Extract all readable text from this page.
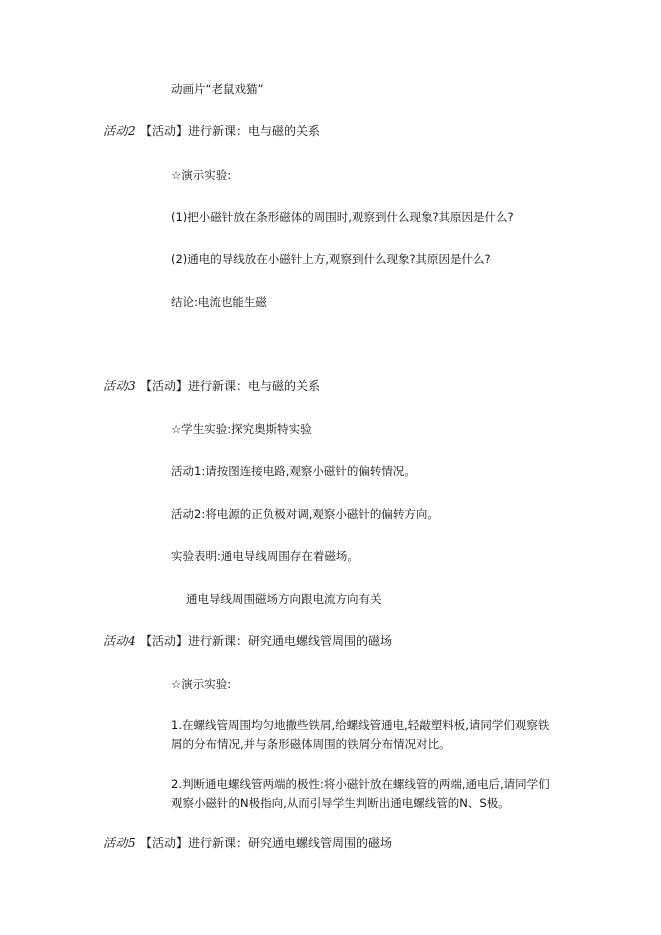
动画片“老鼠戏猫”
活动2 【活动】进行新课：电与磁的关系
☆演示实验:
(1)把小磁针放在条形磁体的周围时,观察到什么现象?其原因是什么?
(2)通电的导线放在小磁针上方,观察到什么现象?其原因是什么?
结论:电流也能生磁
活动3 【活动】进行新课：电与磁的关系
☆学生实验:探究奥斯特实验
活动1:请按图连接电路,观察小磁针的偏转情况。
活动2:将电源的正负极对调,观察小磁针的偏转方向。
实验表明:通电导线周围存在着磁场。
通电导线周围磁场方向跟电流方向有关
活动4 【活动】进行新课：研究通电螺线管周围的磁场
☆演示实验:
1.在螺线管周围均匀地撒些铁屑,给螺线管通电,轻敲塑料板,请同学们观察铁屑的分布情况,并与条形磁体周围的铁屑分布情况对比。
2.判断通电螺线管两端的极性:将小磁针放在螺线管的两端,通电后,请同学们观察小磁针的N极指向,从而引导学生判断出通电螺线管的N、S极。
活动5 【活动】进行新课：研究通电螺线管周围的磁场
